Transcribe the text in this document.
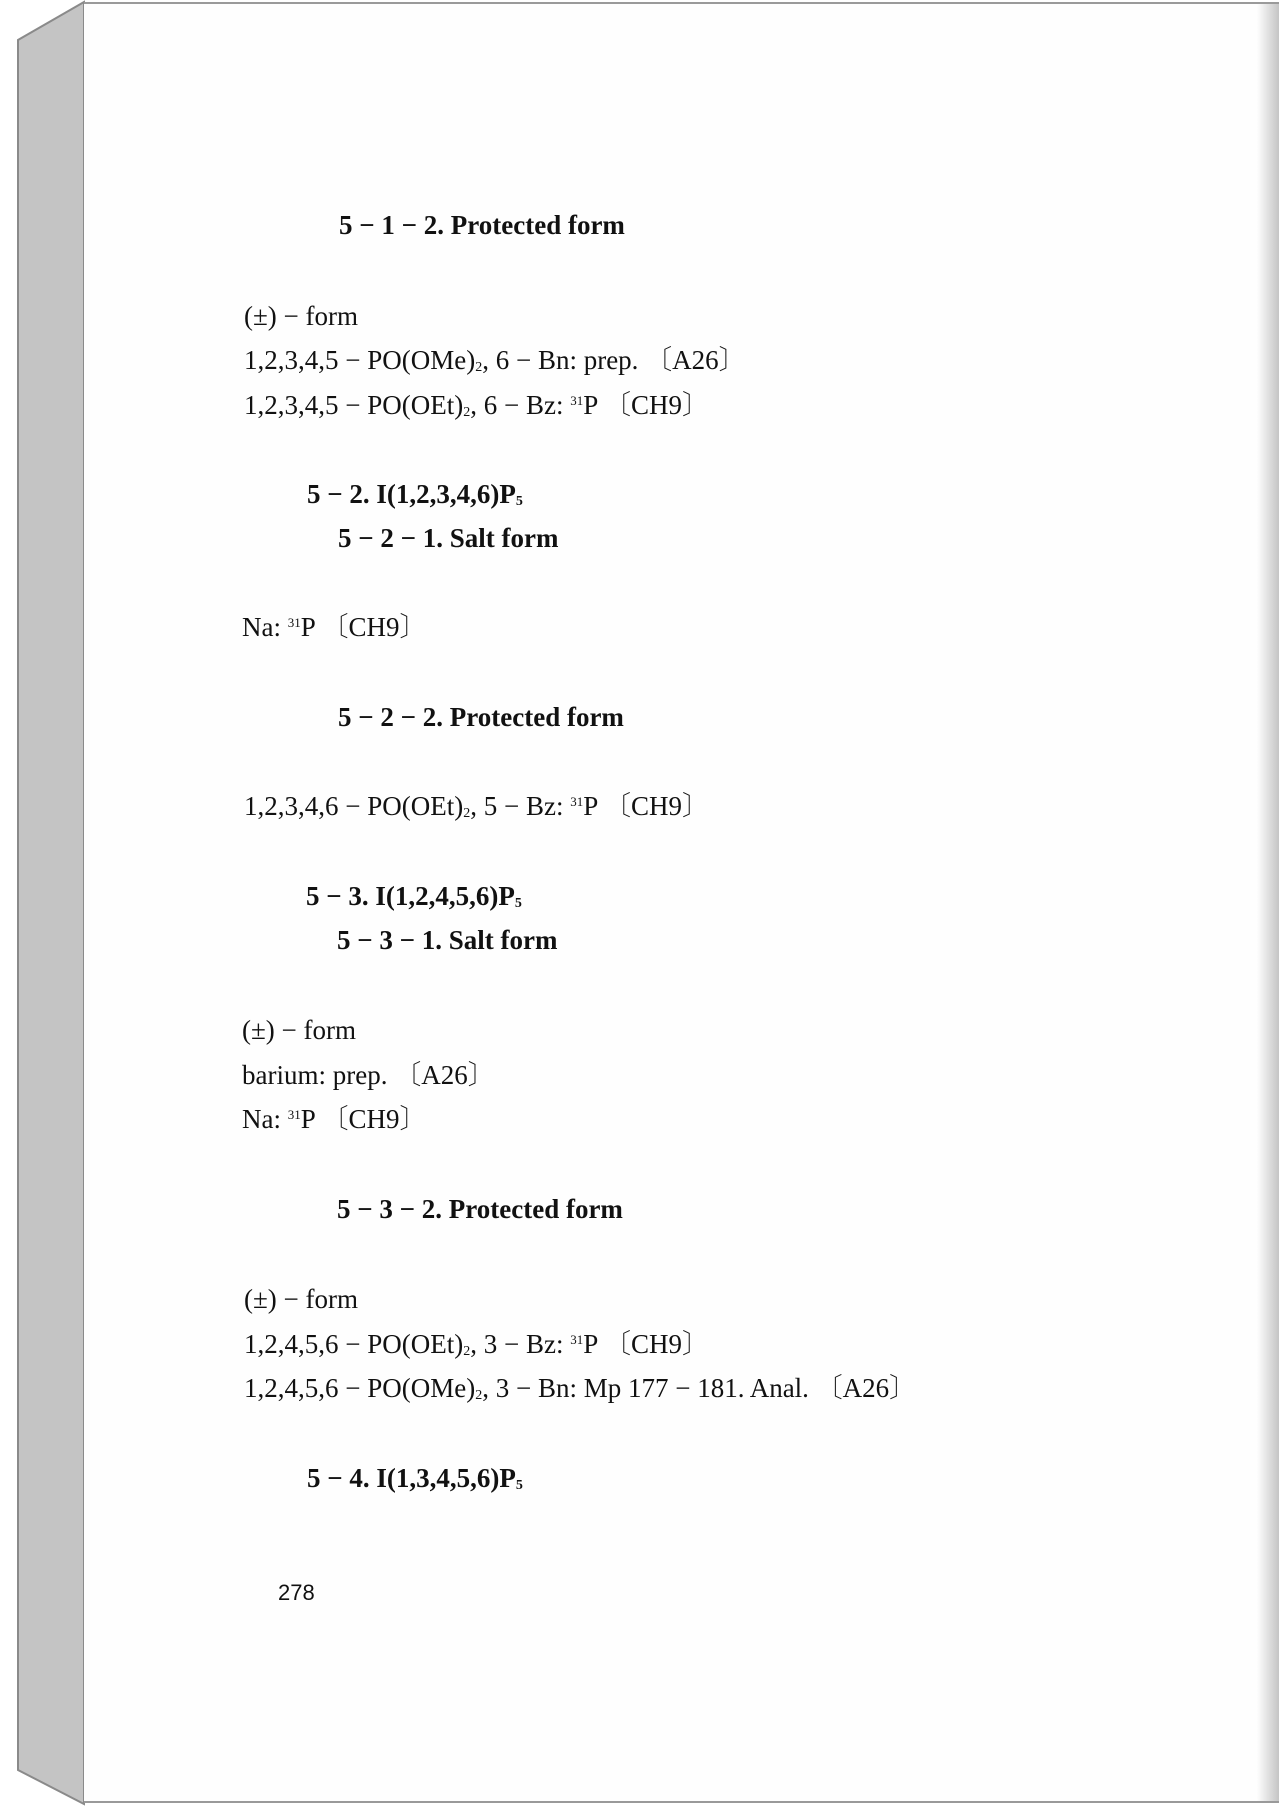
5 − 1 − 2. Protected form
(±) − form
1,2,3,4,5 − PO(OMe)2, 6 − Bn: prep. 〔A26〕
1,2,3,4,5 − PO(OEt)2, 6 − Bz: $^{31}$P 〔CH9〕
5 − 2. I(1,2,3,4,6)P5
5 − 2 − 1. Salt form
Na: $^{31}$P 〔CH9〕
5 − 2 − 2. Protected form
1,2,3,4,6 − PO(OEt)2, 5 − Bz: $^{31}$P 〔CH9〕
5 − 3. I(1,2,4,5,6)P5
5 − 3 − 1. Salt form
(±) − form
barium: prep. 〔A26〕
Na: $^{31}$P 〔CH9〕
5 − 3 − 2. Protected form
(±) − form
1,2,4,5,6 − PO(OEt)2, 3 − Bz: $^{31}$P 〔CH9〕
1,2,4,5,6 − PO(OMe)2, 3 − Bn: Mp 177 − 181. Anal. 〔A26〕
5 − 4. I(1,3,4,5,6)P5
278
